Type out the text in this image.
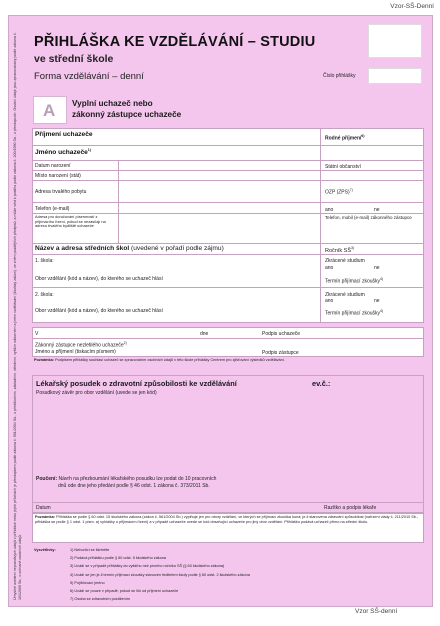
Vzor-SŠ-Denní
Úmyslné uvedení nepravdivých údajů v přihlášce nebo jejích přílohách je přestupkem podle zákona č. 561/2004 Sb., o předškolním, základním, středním, vyšším odborném a jiném vzdělávání (školský zákon), ve znění pozdějších předpisů, a může vést k postihu podle zákona č. 200/1990 Sb., o přestupcích. Osobní údaje jsou zpracovávány podle zákona č. 101/2000 Sb., o ochraně osobních údajů.
PŘIHLÁŠKA KE VZDĚLÁVÁNÍ – STUDIU
ve střední škole
Forma vzdělávání – denní	Číslo přihlášky
A Vyplní uchazeč nebo
zákonný zástupce uchazeče
Příjmení uchazeče
Rodné příjmení$^{6)}$
Jméno uchazeče$^{1)}$
Datum narození	Státní občanství
Místo narození (stát)
Adresa trvalého pobytu	OZP (ZPS)$^{7)}$
Telefon (e-mail)	ano	ne
Adresa pro doručování písemností z přijímacího řízení, pokud se nezasílají na adresu trvalého bydliště uchazeče
Telefon, mobil (e-mail) zákonného zástupce
Název a adresa středních škol (uvedené v pořadí podle zájmu)	Ročník SŠ$^{3)}$
1. škola:	Zkrácené studium
ano	ne
Obor vzdělání (kód a název), do kterého se uchazeč hlásí	Termín přijímací zkoušky$^{4)}$
2. škola:	Zkrácené studium
ano	ne
Obor vzdělání (kód a název), do kterého se uchazeč hlásí	Termín přijímací zkoušky$^{4)}$
V	dne	Podpis uchazeče
Zákonný zástupce nezletilého uchazeče$^{2)}$
Jméno a příjmení (tiskacím písmem)	Podpis zástupce
Poznámka: Podpisem přihlášky souhlasí uchazeč se zpracováním osobních údajů v této škole přihlášky Centrem pro zjišťování výsledků vzdělávání.
Lékařský posudek o zdravotní způsobilosti ke vzdělávání	ev.č.:
Posudkový závěr pro obor vzdělání (uvede se jen kód)
Poučení: Návrh na přezkoumání lékařského posudku lze podat do 10 pracovních
dnů ode dne jeho předání podle § 46 odst. 1 zákona č. 373/2011 Sb.
Datum	Razítko a podpis lékaře
Poznámka: Přihláška se podle § 60 odst. 15 školského zákona (zákon č. 561/2004 Sb.) vyplňuje jen pro obory vzdělání, ve kterých se přijímací zkouška koná; je-li stanovena zdravotní způsobilost (nařízení vlády č. 211/2010 Sb., přihláška se podle § 1 odst. 1 písm. a) vyhlášky o přijímacím řízení) a v případě uchazeče uvede se kód obsahující uchazeče pro jiný obor vzdělání. Přihlášku podává uchazeč přímo na střední školu.
Vysvětlivky:	1) Nehodící se škrtněte
2) Podává přihlášku podle § 60 odst. 5 školského zákona
3) Uvádí se v případě přihlášky do vyššího než prvního ročníku SŠ (§ 63 školského zákona)
4) Uvádí se jen je-li termín přijímací zkoušky stanoven ředitelem školy podle § 60 odst. 2 školského zákona
5) Pojišťovací jméno
6) Uvádí se pouze v případě, pokud se liší od příjmení uchazeče
7) Osoba se zdravotním postižením
Vzor SŠ-denní
